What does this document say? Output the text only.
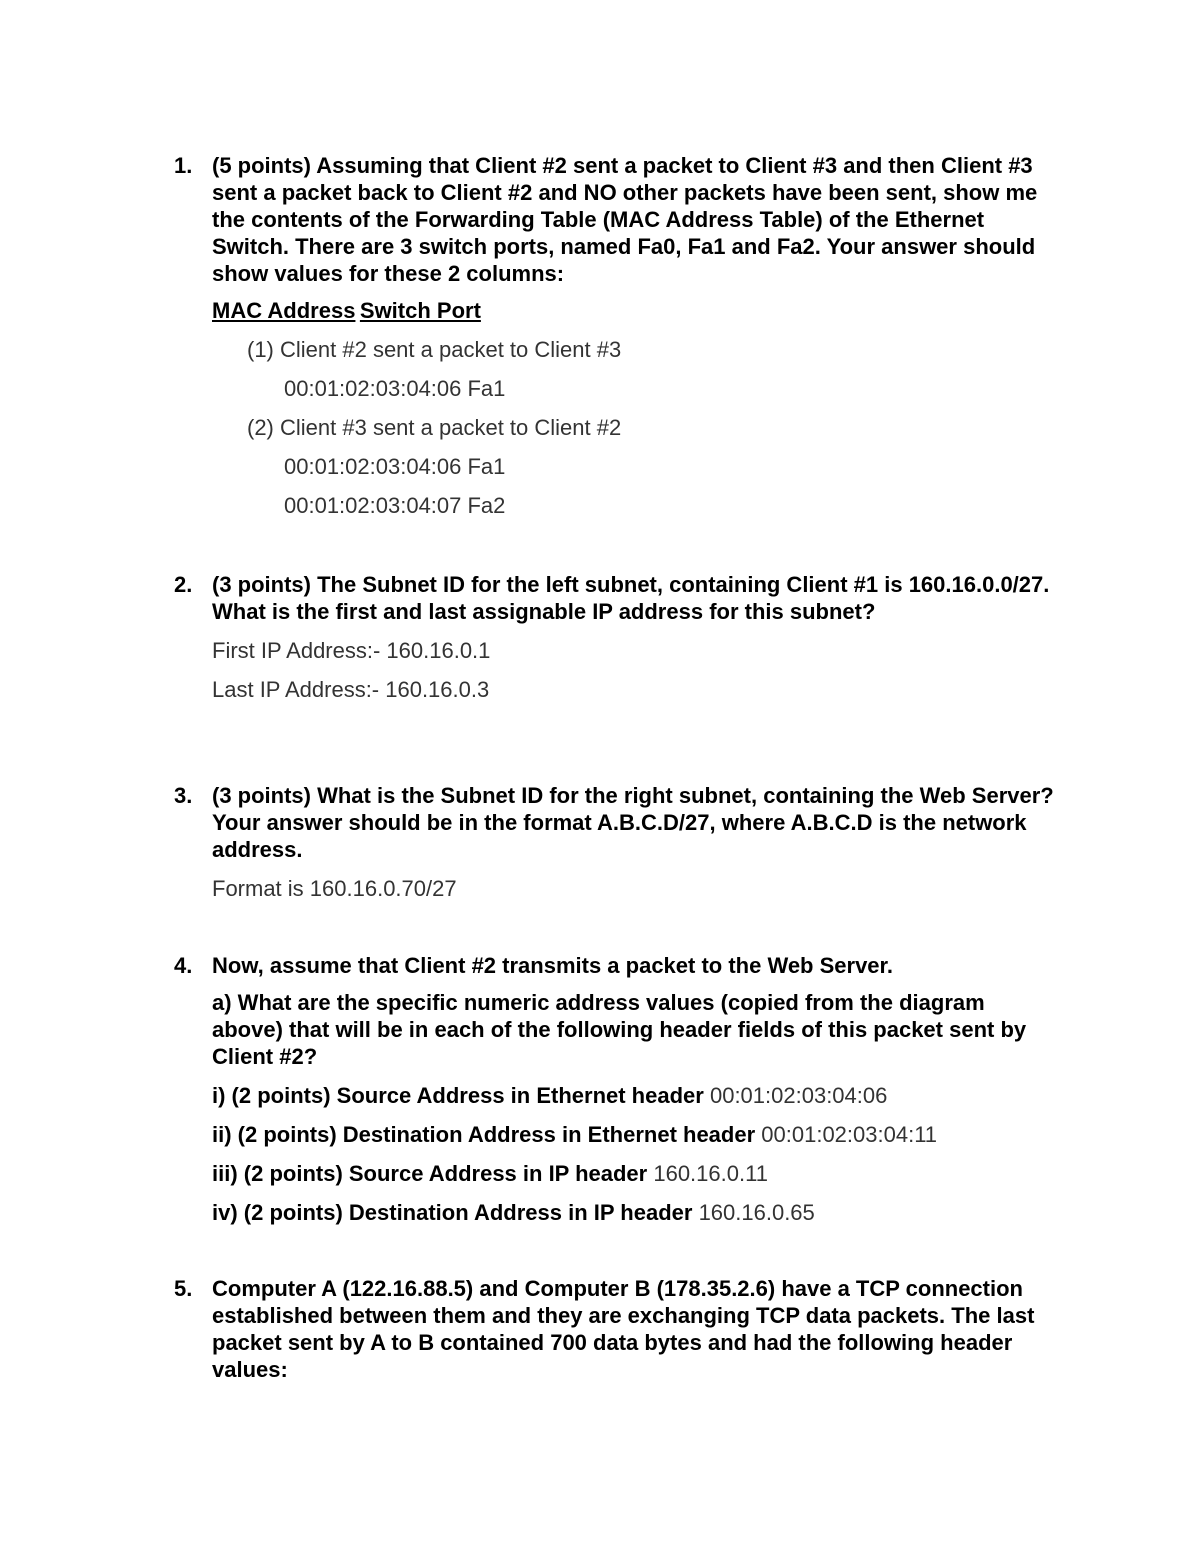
1. (5 points) Assuming that Client #2 sent a packet to Client #3 and then Client #3 sent a packet back to Client #2 and NO other packets have been sent, show me the contents of the Forwarding Table (MAC Address Table) of the Ethernet Switch. There are 3 switch ports, named Fa0, Fa1 and Fa2. Your answer should show values for these 2 columns:

MAC Address Switch Port

(1) Client #2 sent a packet to Client #3

00:01:02:03:04:06 Fa1

(2) Client #3 sent a packet to Client #2

00:01:02:03:04:06 Fa1

00:01:02:03:04:07 Fa2

2. (3 points) The Subnet ID for the left subnet, containing Client #1 is 160.16.0.0/27. What is the first and last assignable IP address for this subnet?

First IP Address:- 160.16.0.1

Last IP Address:- 160.16.0.3

3. (3 points) What is the Subnet ID for the right subnet, containing the Web Server? Your answer should be in the format A.B.C.D/27, where A.B.C.D is the network address.

Format is 160.16.0.70/27

4. Now, assume that Client #2 transmits a packet to the Web Server.

a) What are the specific numeric address values (copied from the diagram above) that will be in each of the following header fields of this packet sent by Client #2?

i) (2 points) Source Address in Ethernet header 00:01:02:03:04:06

ii) (2 points) Destination Address in Ethernet header 00:01:02:03:04:11

iii) (2 points) Source Address in IP header 160.16.0.11

iv) (2 points) Destination Address in IP header 160.16.0.65

5. Computer A (122.16.88.5) and Computer B (178.35.2.6) have a TCP connection established between them and they are exchanging TCP data packets. The last packet sent by A to B contained 700 data bytes and had the following header values:
